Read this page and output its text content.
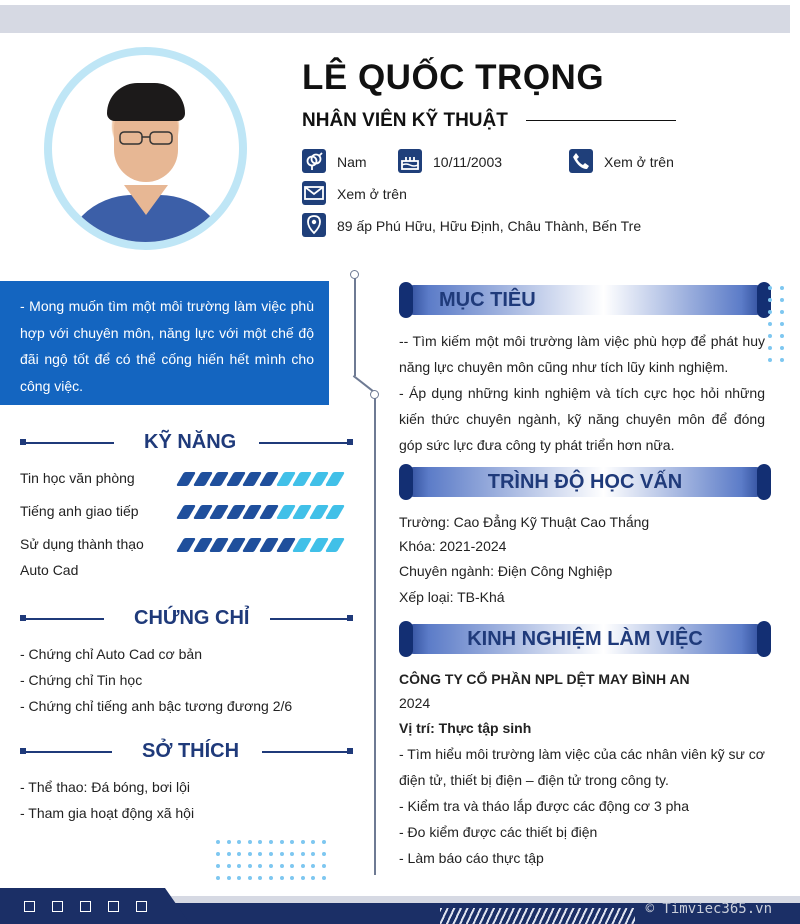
LÊ QUỐC TRỌNG
NHÂN VIÊN KỸ THUẬT
Nam	10/11/2003	Xem ở trên
Xem ở trên
89 ấp Phú Hữu, Hữu Định, Châu Thành, Bến Tre

- Mong muốn tìm một môi trường làm việc phù hợp với chuyên môn, năng lực với một chế độ đãi ngộ tốt để có thể cống hiến hết mình cho công việc.

KỸ NĂNG
Tin học văn phòng
Tiếng anh giao tiếp
Sử dụng thành thạo
Auto Cad
CHỨNG CHỈ
- Chứng chỉ Auto Cad cơ bản
- Chứng chỉ Tin học
- Chứng chỉ tiếng anh bậc tương đương 2/6
SỞ THÍCH
- Thể thao: Đá bóng, bơi lội
- Tham gia hoạt động xã hội
MỤC TIÊU

-- Tìm kiếm một môi trường làm việc phù hợp để phát huy năng lực chuyên môn cũng như tích lũy kinh nghiệm.

- Áp dụng những kinh nghiệm và tích cực học hỏi những kiến thức chuyên ngành, kỹ năng chuyên môn để đóng góp sức lực đưa công ty phát triển hơn nữa.

TRÌNH ĐỘ HỌC VẤN
Trường: Cao Đẳng Kỹ Thuật Cao Thắng
Khóa: 2021-2024
Chuyên ngành: Điện Công Nghiệp
Xếp loại: TB-Khá
KINH NGHIỆM LÀM VIỆC
CÔNG TY CỔ PHẦN NPL DỆT MAY BÌNH AN
2024
Vị trí: Thực tập sinh

- Tìm hiểu môi trường làm việc của các nhân viên kỹ sư cơ điện tử, thiết bị điện – điện tử trong công ty.

- Kiểm tra và tháo lắp được các động cơ 3 pha
- Đo kiểm được các thiết bị điện
- Làm báo cáo thực tập
© Timviec365.vn
